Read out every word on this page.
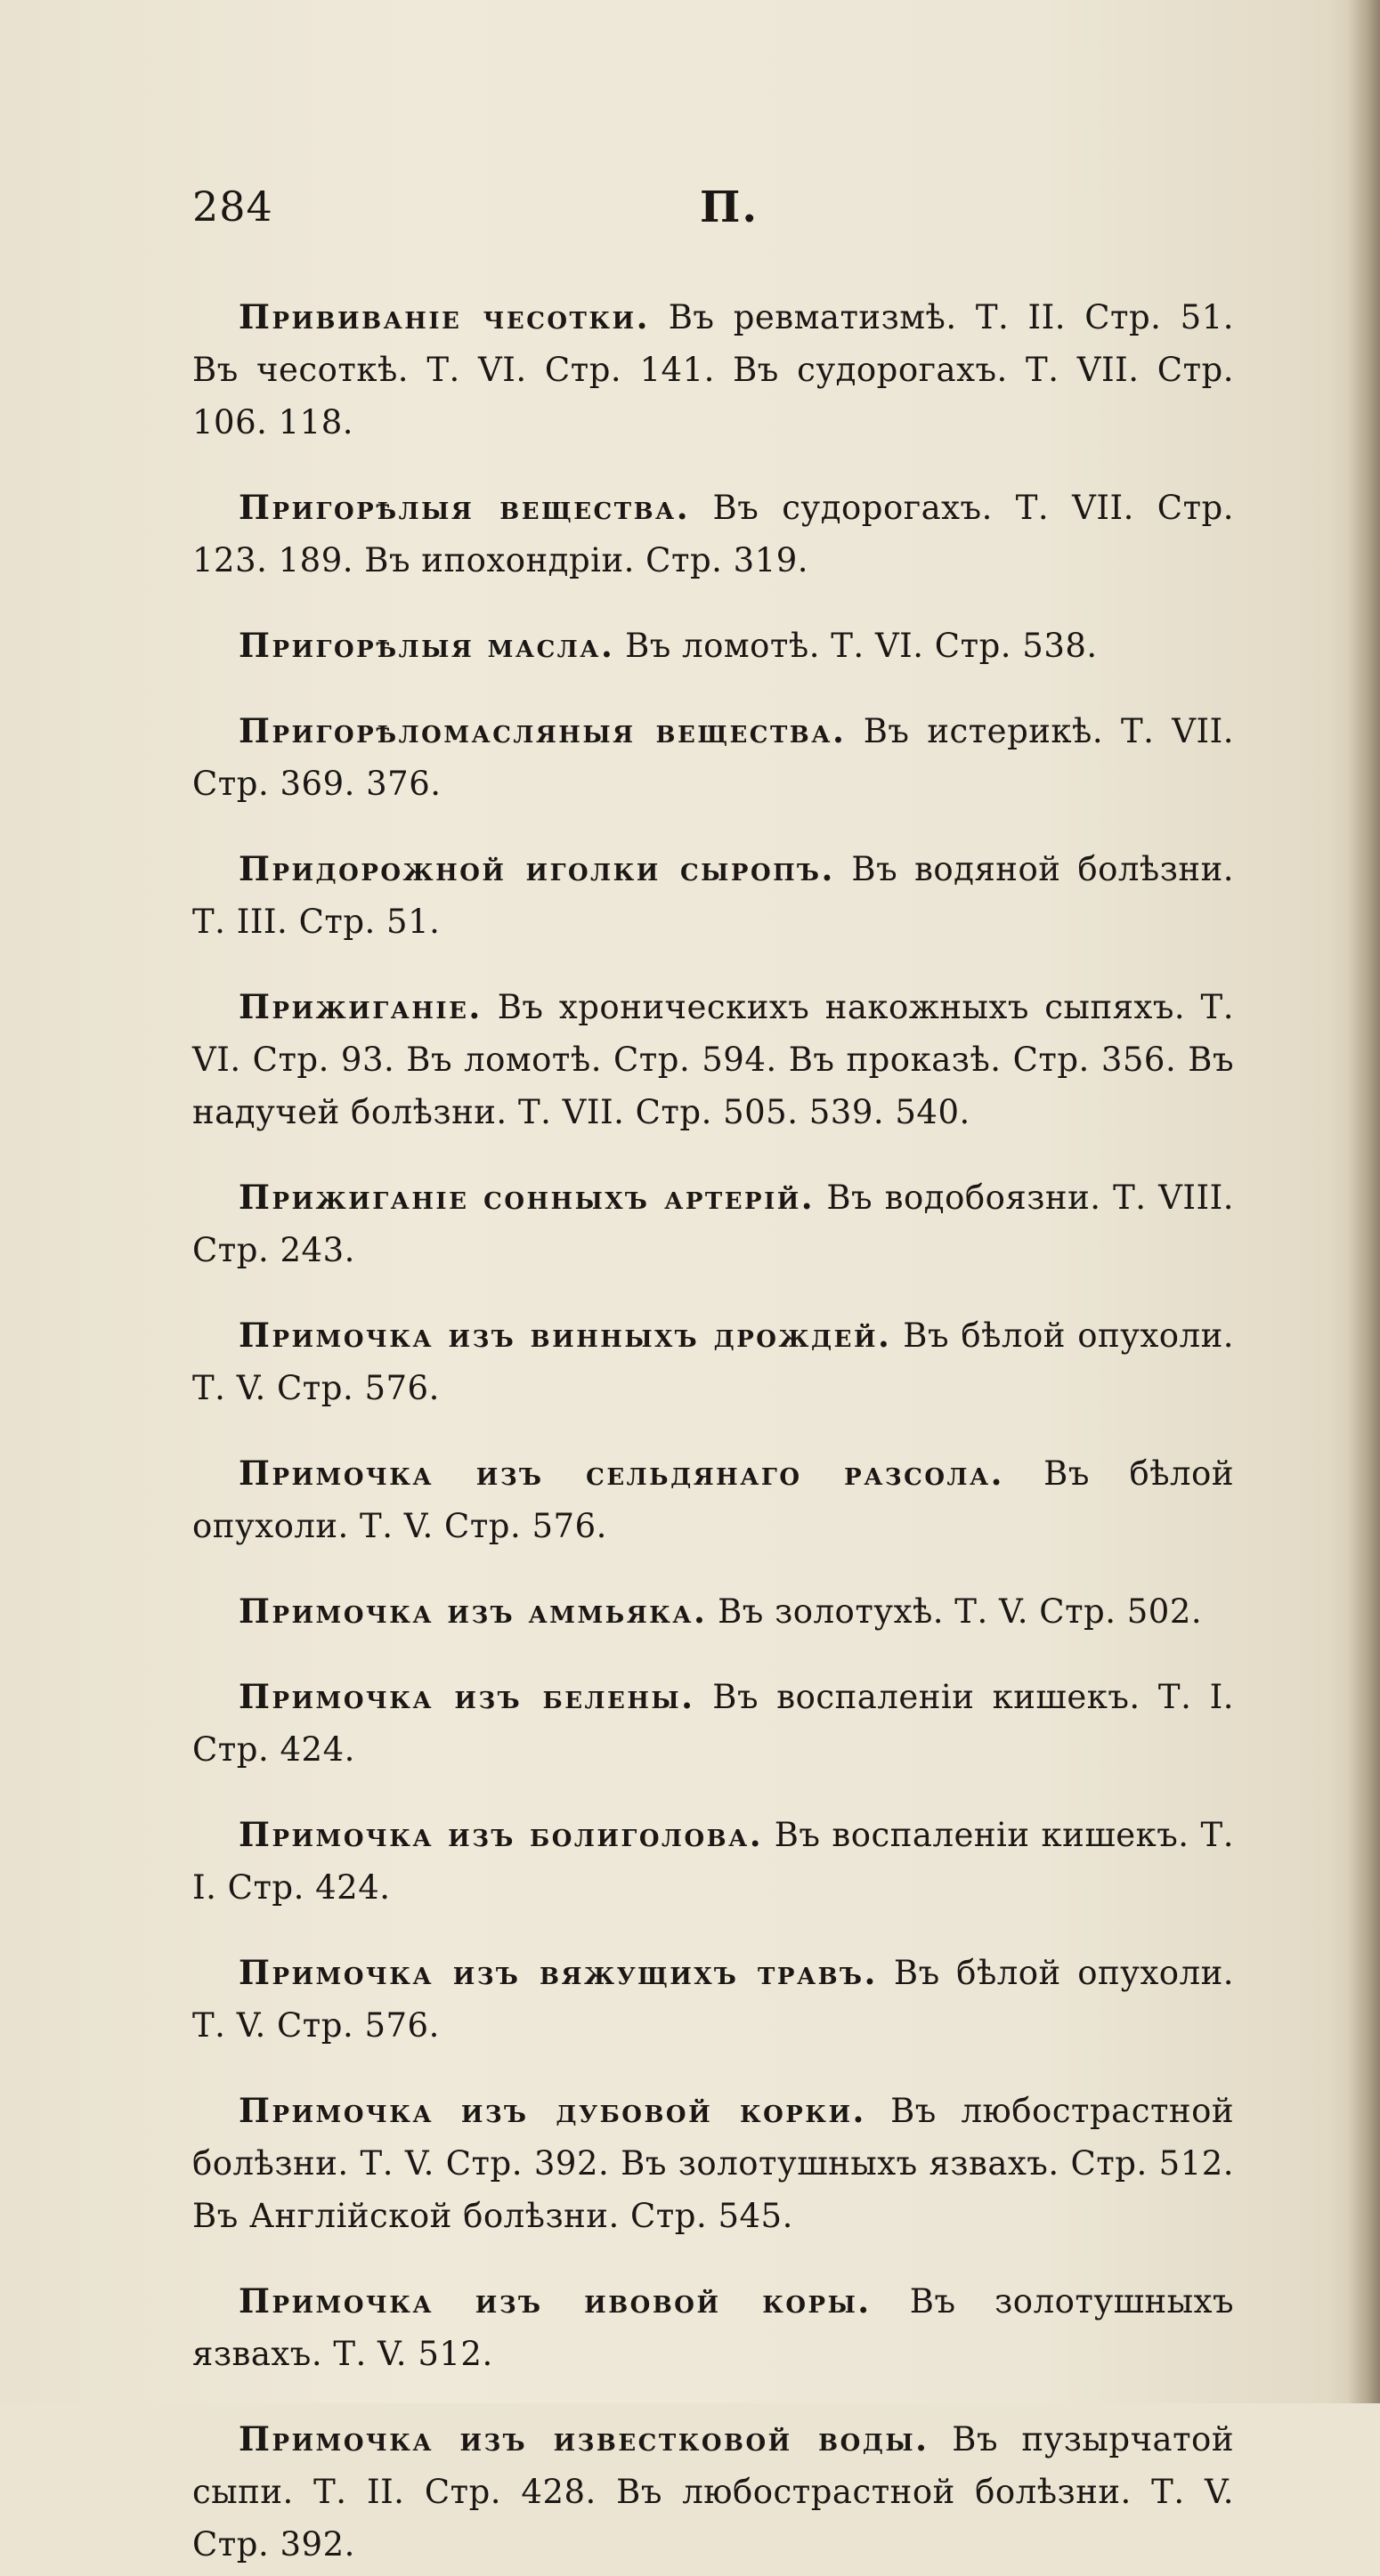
284	П.

Прививаніе чесотки. Въ ревматизмѣ. Т. II. Стр. 51. Въ чесоткѣ. Т. VI. Стр. 141. Въ судорогахъ. Т. VII. Стр. 106. 118.

Пригорѣлыя вещества. Въ судорогахъ. Т. VII. Стр. 123. 189. Въ ипохондріи. Стр. 319.

Пригорѣлыя масла. Въ ломотѣ. Т. VI. Стр. 538.

Пригорѣломасляныя вещества. Въ истерикѣ. Т. VII. Стр. 369. 376.

Придорожной иголки сыропъ. Въ водяной болѣзни. Т. III. Стр. 51.

Прижиганіе. Въ хроническихъ накожныхъ сыпяхъ. Т. VI. Стр. 93. Въ ломотѣ. Стр. 594. Въ проказѣ. Стр. 356. Въ надучей болѣзни. Т. VII. Стр. 505. 539. 540.

Прижиганіе сонныхъ артерій. Въ водобоязни. Т. VIII. Стр. 243.

Примочка изъ винныхъ дрождей. Въ бѣлой опухоли. Т. V. Стр. 576.

Примочка изъ сельдянаго разсола. Въ бѣлой опухоли. Т. V. Стр. 576.

Примочка изъ аммьяка. Въ золотухѣ. Т. V. Стр. 502.

Примочка изъ белены. Въ воспаленіи кишекъ. Т. I. Стр. 424.

Примочка изъ болиголова. Въ воспаленіи кишекъ. Т. I. Стр. 424.

Примочка изъ вяжущихъ травъ. Въ бѣлой опухоли. Т. V. Стр. 576.

Примочка изъ дубовой корки. Въ любострастной болѣзни. Т. V. Стр. 392. Въ золотушныхъ язвахъ. Стр. 512. Въ Англійской болѣзни. Стр. 545.

Примочка изъ ивовой коры. Въ золотушныхъ язвахъ. Т. V. 512.

Примочка изъ известковой воды. Въ пузырчатой сыпи. Т. II. Стр. 428. Въ любострастной болѣзни. Т. V. Стр. 392.
